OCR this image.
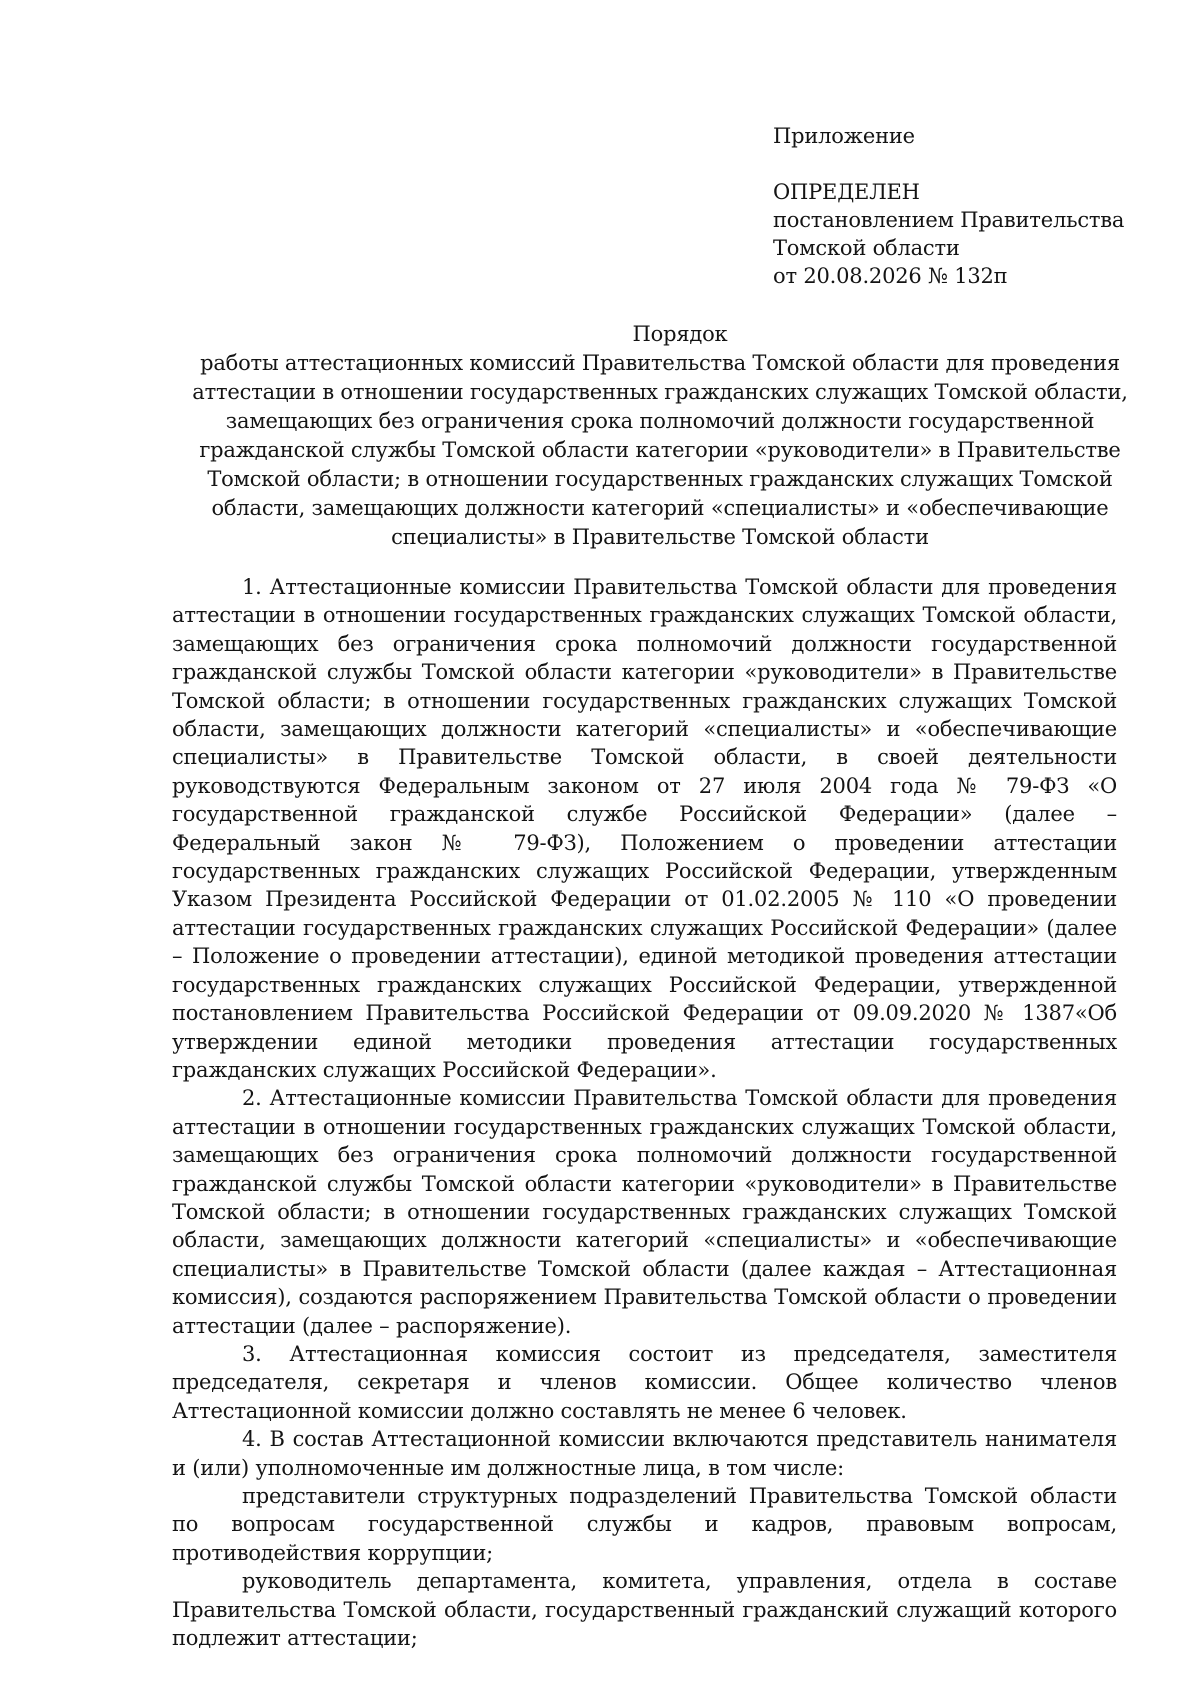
Приложение
ОПРЕДЕЛЕН
постановлением Правительства
Томской области
от 20.08.2026 № 132п
Порядок
работы аттестационных комиссий Правительства Томской области для проведения
аттестации в отношении государственных гражданских служащих Томской области,
замещающих без ограничения срока полномочий должности государственной
гражданской службы Томской области категории «руководители» в Правительстве
Томской области; в отношении государственных гражданских служащих Томской
области, замещающих должности категорий «специалисты» и «обеспечивающие
специалисты» в Правительстве Томской области

1. Аттестационные комиссии Правительства Томской области для проведения аттестации в отношении государственных гражданских служащих Томской области, замещающих без ограничения срока полномочий должности государственной гражданской службы Томской области категории «руководители» в Правительстве Томской области; в отношении государственных гражданских служащих Томской области, замещающих должности категорий «специалисты» и «обеспечивающие специалисты» в Правительстве Томской области, в своей деятельности руководствуются Федеральным законом от 27 июля 2004 года № 79-ФЗ «О государственной гражданской службе Российской Федерации» (далее – Федеральный закон № 79-ФЗ), Положением о проведении аттестации государственных гражданских служащих Российской Федерации, утвержденным Указом Президента Российской Федерации от 01.02.2005 № 110 «О проведении аттестации государственных гражданских служащих Российской Федерации» (далее – Положение о проведении аттестации), единой методикой проведения аттестации государственных гражданских служащих Российской Федерации, утвержденной постановлением Правительства Российской Федерации от 09.09.2020 № 1387«Об утверждении единой методики проведения аттестации государственных гражданских служащих Российской Федерации».

2. Аттестационные комиссии Правительства Томской области для проведения аттестации в отношении государственных гражданских служащих Томской области, замещающих без ограничения срока полномочий должности государственной гражданской службы Томской области категории «руководители» в Правительстве Томской области; в отношении государственных гражданских служащих Томской области, замещающих должности категорий «специалисты» и «обеспечивающие специалисты» в Правительстве Томской области (далее каждая – Аттестационная комиссия), создаются распоряжением Правительства Томской области о проведении аттестации (далее – распоряжение).

3. Аттестационная комиссия состоит из председателя, заместителя председателя, секретаря и членов комиссии. Общее количество членов Аттестационной комиссии должно составлять не менее 6 человек.

4. В состав Аттестационной комиссии включаются представитель нанимателя и (или) уполномоченные им должностные лица, в том числе:

представители структурных подразделений Правительства Томской области по вопросам государственной службы и кадров, правовым вопросам, противодействия коррупции;

руководитель департамента, комитета, управления, отдела в составе Правительства Томской области, государственный гражданский служащий которого подлежит аттестации;
